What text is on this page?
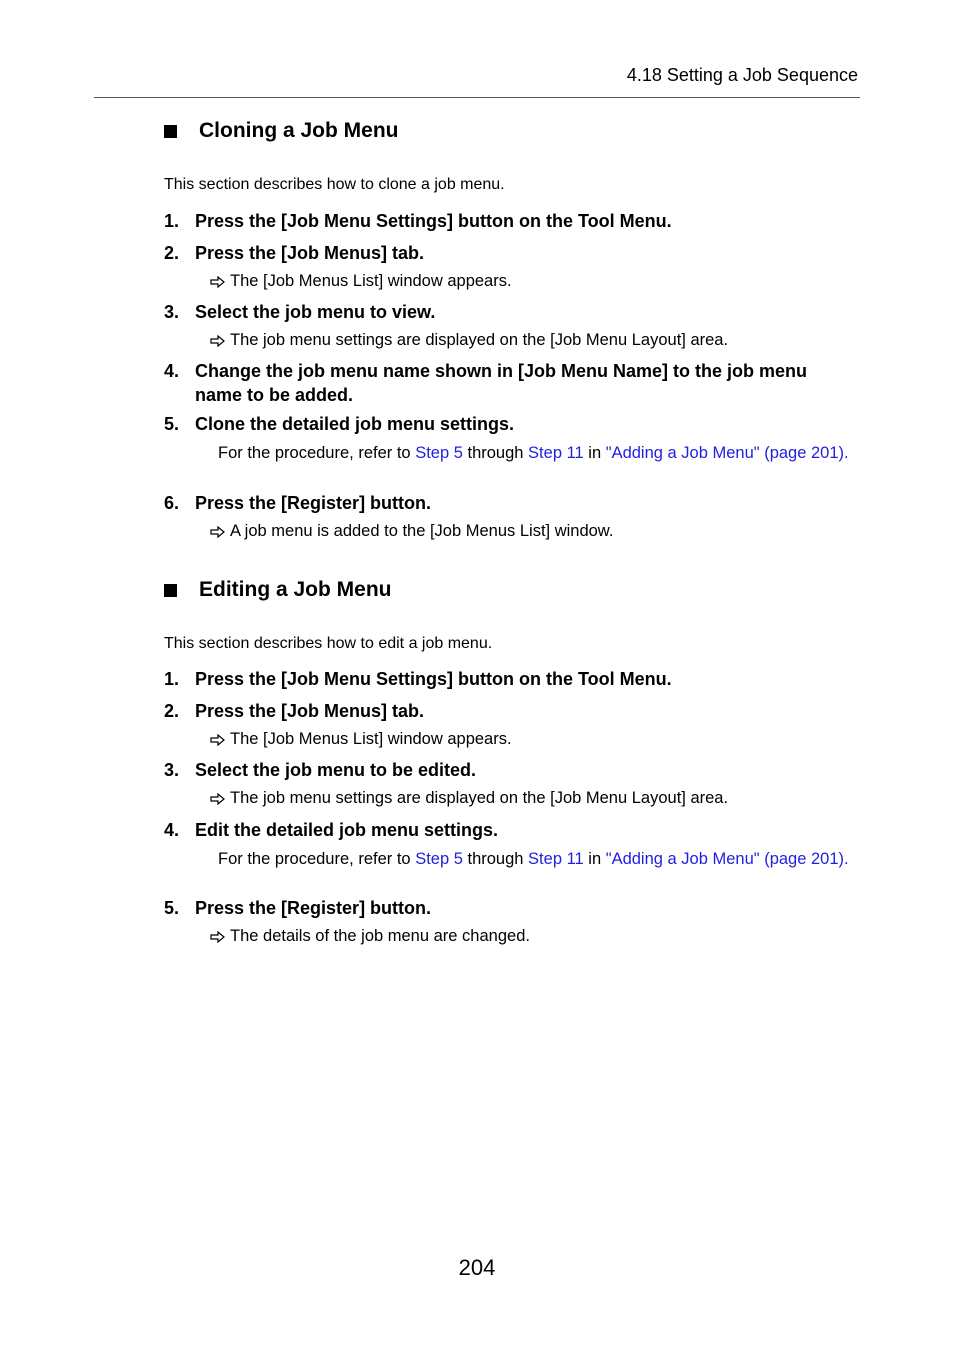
4.18 Setting a Job Sequence
Cloning a Job Menu
This section describes how to clone a job menu.
1. Press the [Job Menu Settings] button on the Tool Menu.
2. Press the [Job Menus] tab.
The [Job Menus List] window appears.
3. Select the job menu to view.
The job menu settings are displayed on the [Job Menu Layout] area.
4. Change the job menu name shown in [Job Menu Name] to the job menu name to be added.
5. Clone the detailed job menu settings.
For the procedure, refer to Step 5 through Step 11 in "Adding a Job Menu" (page 201).
6. Press the [Register] button.
A job menu is added to the [Job Menus List] window.
Editing a Job Menu
This section describes how to edit a job menu.
1. Press the [Job Menu Settings] button on the Tool Menu.
2. Press the [Job Menus] tab.
The [Job Menus List] window appears.
3. Select the job menu to be edited.
The job menu settings are displayed on the [Job Menu Layout] area.
4. Edit the detailed job menu settings.
For the procedure, refer to Step 5 through Step 11 in "Adding a Job Menu" (page 201).
5. Press the [Register] button.
The details of the job menu are changed.
204
